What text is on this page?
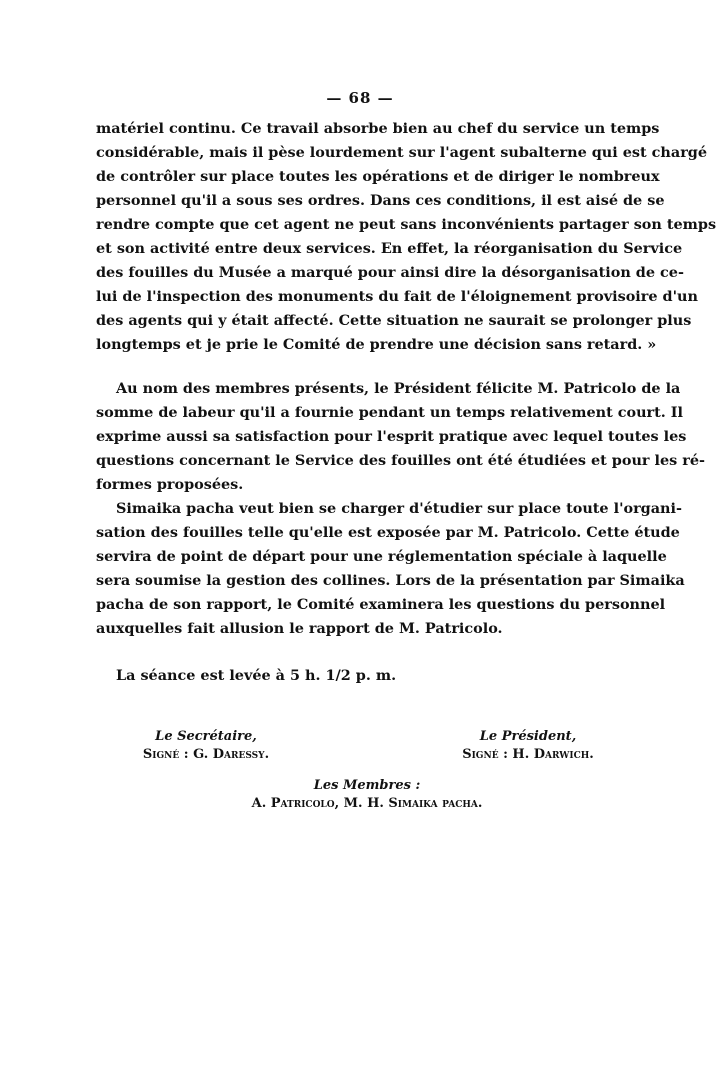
— 68 —
matériel continu. Ce travail absorbe bien au chef du service un temps
considérable, mais il pèse lourdement sur l'agent subalterne qui est chargé
de contrôler sur place toutes les opérations et de diriger le nombreux
personnel qu'il a sous ses ordres. Dans ces conditions, il est aisé de se
rendre compte que cet agent ne peut sans inconvénients partager son temps
et son activité entre deux services. En effet, la réorganisation du Service
des fouilles du Musée a marqué pour ainsi dire la désorganisation de ce-
lui de l'inspection des monuments du fait de l'éloignement provisoire d'un
des agents qui y était affecté. Cette situation ne saurait se prolonger plus
longtemps et je prie le Comité de prendre une décision sans retard. »
Au nom des membres présents, le Président félicite M. Patricolo de la
somme de labeur qu'il a fournie pendant un temps relativement court. Il
exprime aussi sa satisfaction pour l'esprit pratique avec lequel toutes les
questions concernant le Service des fouilles ont été étudiées et pour les ré-
formes proposées.
Simaika pacha veut bien se charger d'étudier sur place toute l'organi-
sation des fouilles telle qu'elle est exposée par M. Patricolo. Cette étude
servira de point de départ pour une réglementation spéciale à laquelle
sera soumise la gestion des collines. Lors de la présentation par Simaika
pacha de son rapport, le Comité examinera les questions du personnel
auxquelles fait allusion le rapport de M. Patricolo.
La séance est levée à 5 h. 1/2 p. m.
Le Secrétaire,
Signé : G. Daressy.
Le Président,
Signé : H. Darwich.
Les Membres :
A. Patricolo, M. H. Simaika pacha.
